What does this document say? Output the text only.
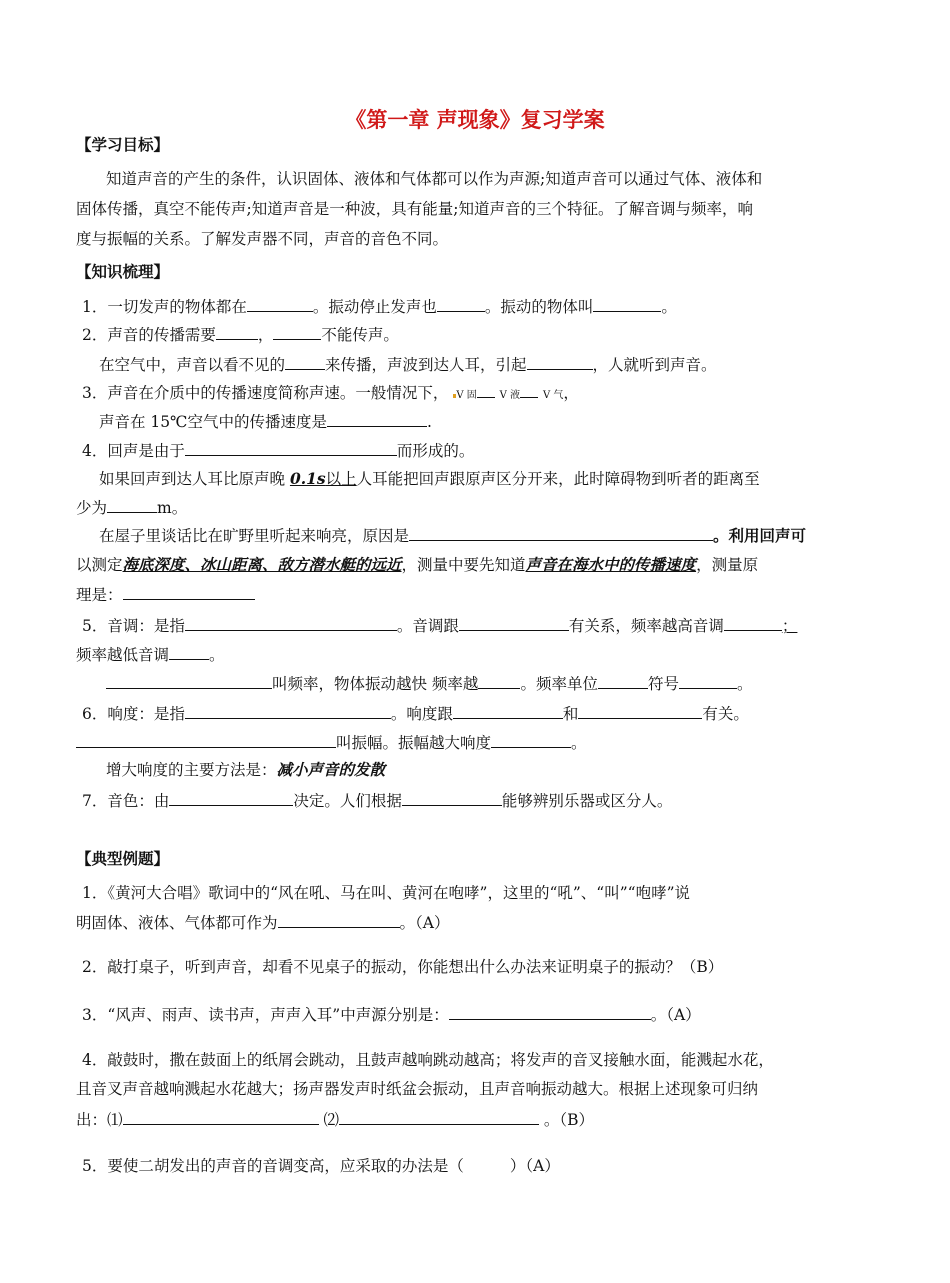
《第一章 声现象》复习学案
【学习目标】
知道声音的产生的条件，认识固体、液体和气体都可以作为声源;知道声音可以通过气体、液体和
固体传播，真空不能传声;知道声音是一种波，具有能量;知道声音的三个特征。了解音调与频率，响
度与振幅的关系。了解发声器不同，声音的音色不同。
【知识梳理】
1．一切发声的物体都在	。振动停止发声也	。振动的物体叫	。
2．声音的传播需要	，	不能传声。
在空气中，声音以看不见的	来传播，声波到达人耳，引起	，人就听到声音。
3．声音在介质中的传播速度简称声速。一般情况下， V 固 V 液 V 气，
声音在 15℃空气中的传播速度是	.
4．回声是由于	而形成的。
如果回声到达人耳比原声晚 0.1s以上人耳能把回声跟原声区分开来，此时障碍物到听者的距离至
少为	m。
在屋子里谈话比在旷野里听起来响亮，原因是	。利用回声可
以测定海底深度、冰山距离、敌方潜水艇的远近，测量中要先知道声音在海水中的传播速度，测量原
理是：
5．音调：是指	。音调跟	有关系，频率越高音调	；
频率越低音调	。
叫频率，物体振动越快 频率越	。频率单位	符号	。
6．响度：是指	。响度跟	和	有关。
叫振幅。振幅越大响度	。
增大响度的主要方法是：减小声音的发散
7．音色：由	决定。人们根据	能够辨别乐器或区分人。
【典型例题】
1．《黄河大合唱》歌词中的“风在吼、马在叫、黄河在咆哮”，这里的“吼”、“叫”“咆哮”说
明固体、液体、气体都可作为	。（A）
2．敲打桌子，听到声音，却看不见桌子的振动，你能想出什么办法来证明桌子的振动？（B）
3．“风声、雨声、读书声，声声入耳”中声源分别是：	。（A）
4．敲鼓时，撒在鼓面上的纸屑会跳动，且鼓声越响跳动越高；将发声的音叉接触水面，能溅起水花，
且音叉声音越响溅起水花越大；扬声器发声时纸盆会振动，且声音响振动越大。根据上述现象可归纳
出：⑴	⑵	。（B）
5．要使二胡发出的声音的音调变高，应采取的办法是（	）（A）
